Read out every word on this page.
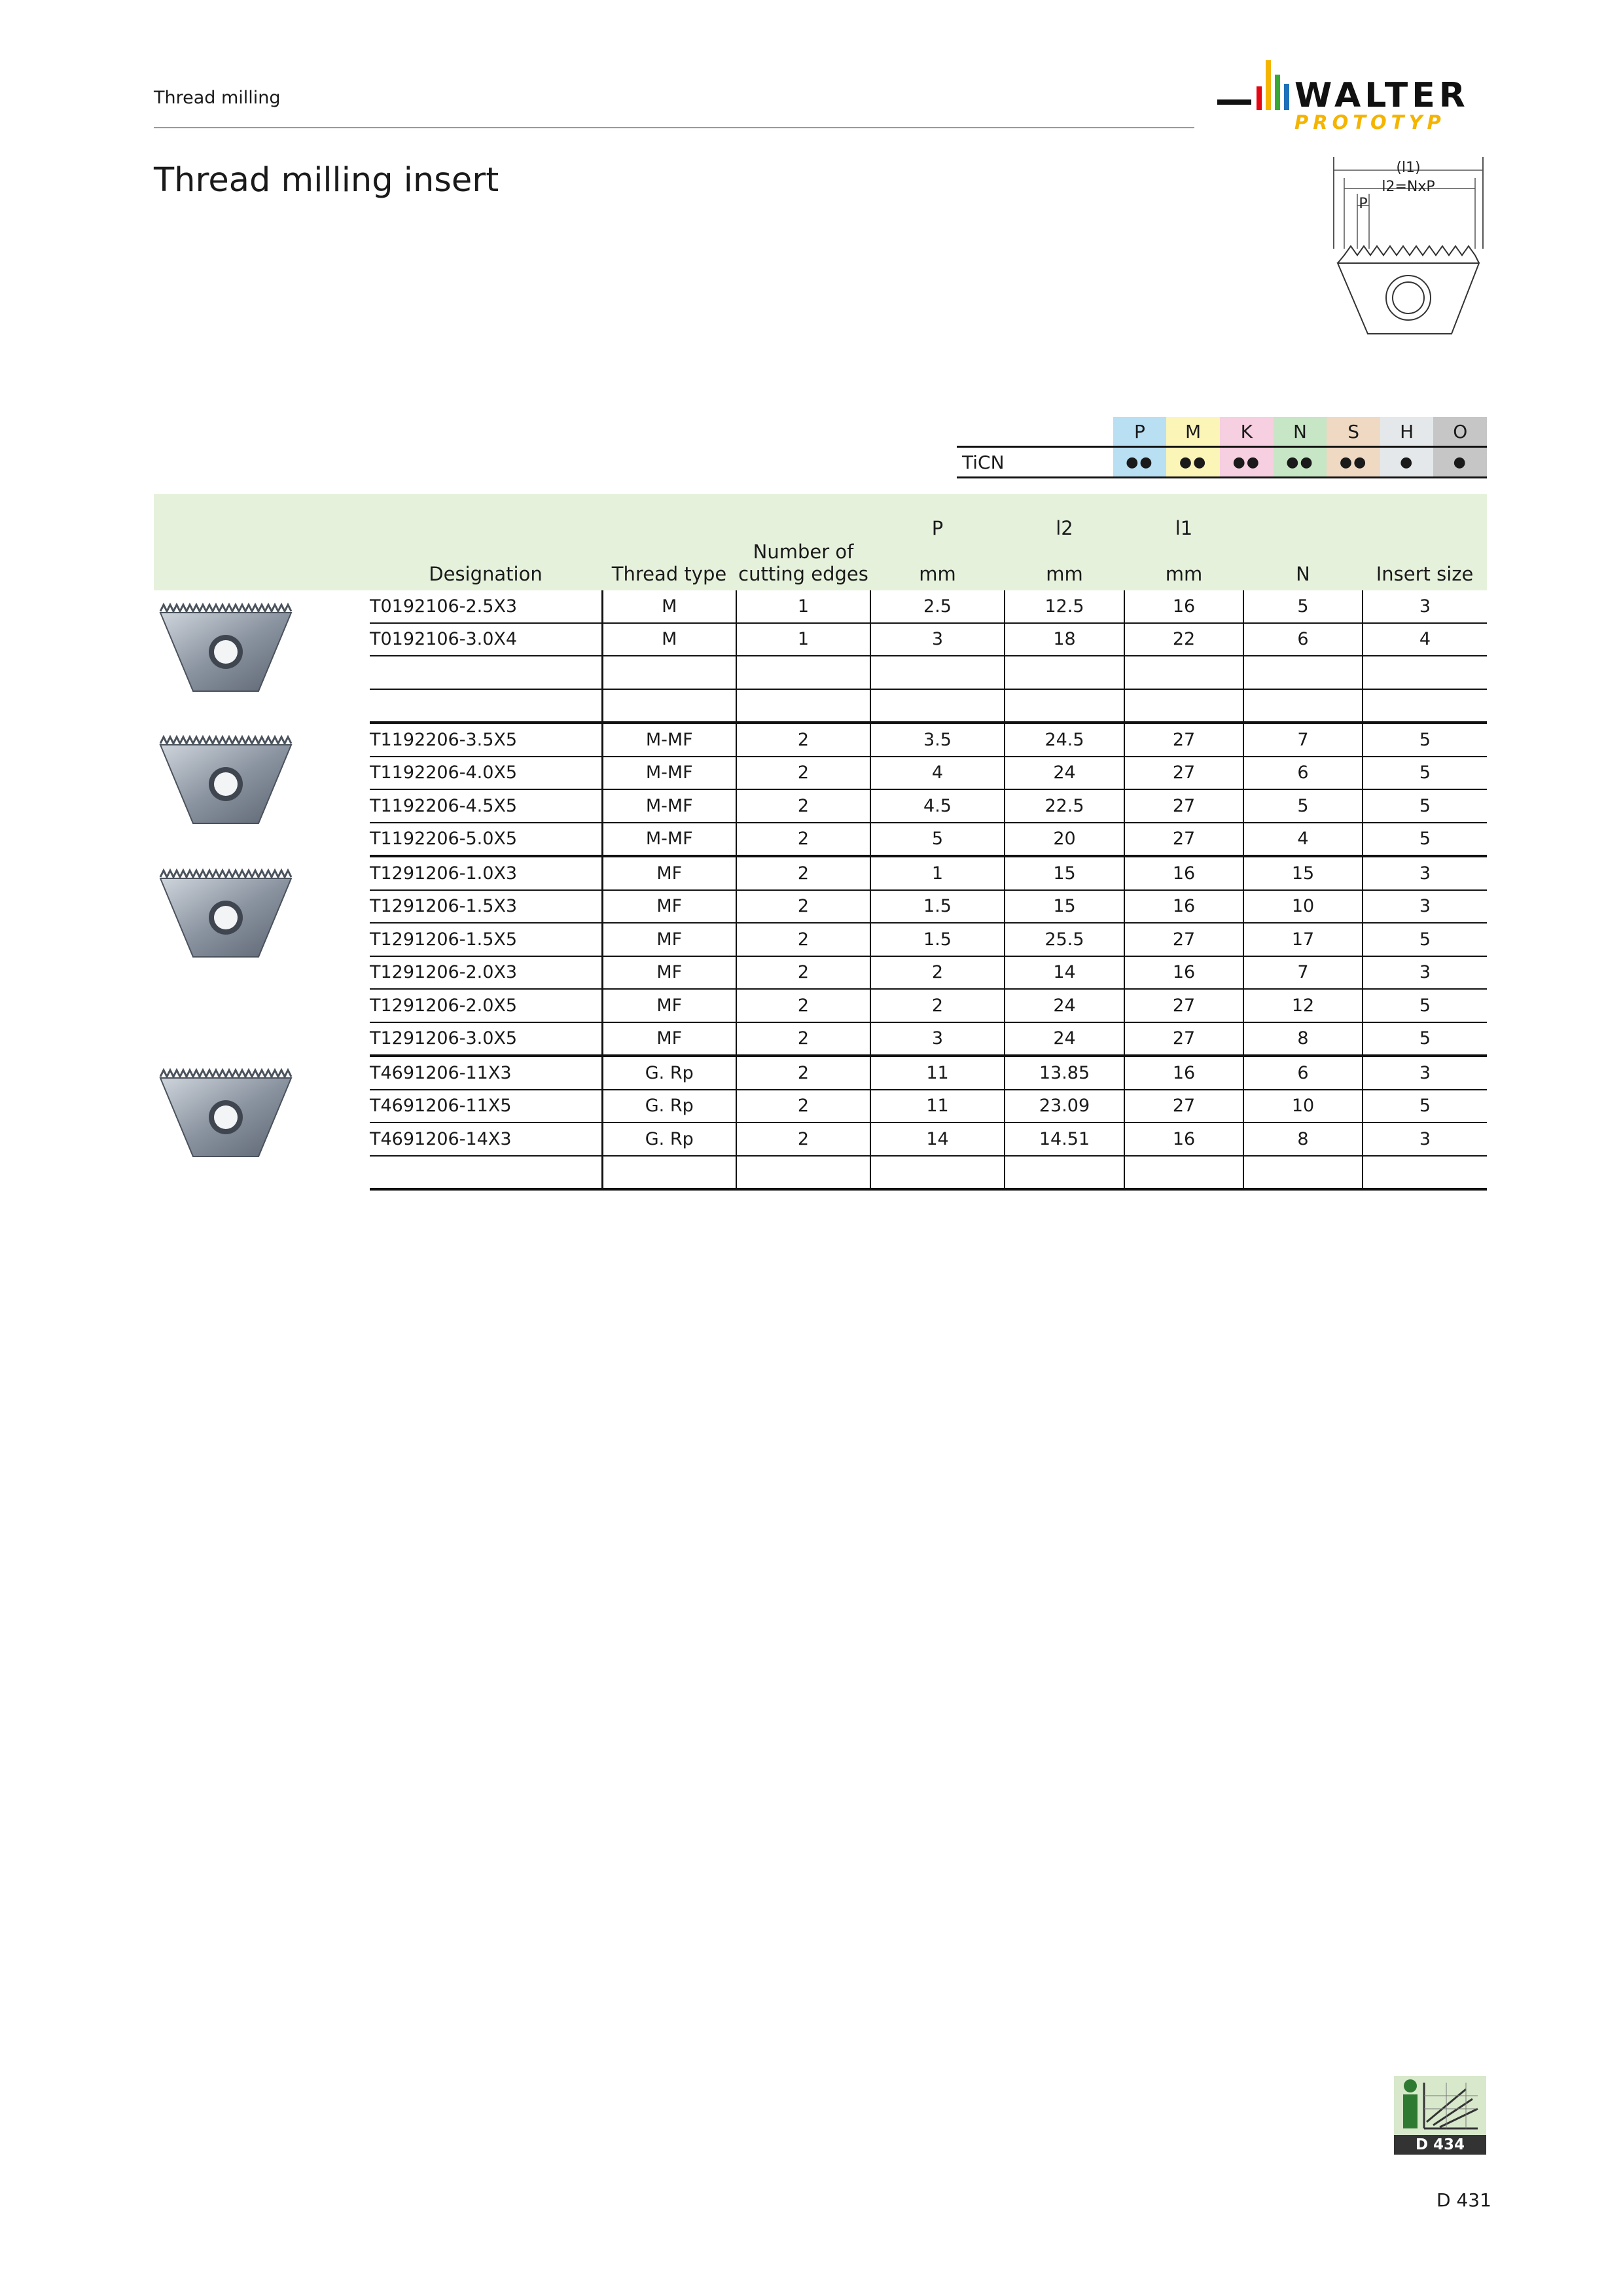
Thread milling
Thread milling insert
WALTER
PROTOTYP
(l1)
l2=NxP
P
	P	M	K	N	S	H	O
TiCN	●●	●●	●●	●●	●●	●	●
				P	l2	l1		
	Designation	Thread type	Number of
cutting edges	mm	mm	mm	N	Insert size

	T0192106-2.5X3	M	1	2.5	12.5	16	5	3
	T0192106-3.0X4	M	1	3	18	22	6	4

	T1192206-3.5X5	M-MF	2	3.5	24.5	27	7	5
	T1192206-4.0X5	M-MF	2	4	24	27	6	5
	T1192206-4.5X5	M-MF	2	4.5	22.5	27	5	5
	T1192206-5.0X5	M-MF	2	5	20	27	4	5

	T1291206-1.0X3	MF	2	1	15	16	15	3
	T1291206-1.5X3	MF	2	1.5	15	16	10	3
	T1291206-1.5X5	MF	2	1.5	25.5	27	17	5
	T1291206-2.0X3	MF	2	2	14	16	7	3
	T1291206-2.0X5	MF	2	2	24	27	12	5
	T1291206-3.0X5	MF	2	3	24	27	8	5

	T4691206-11X3	G. Rp	2	11	13.85	16	6	3
	T4691206-11X5	G. Rp	2	11	23.09	27	10	5
	T4691206-14X3	G. Rp	2	14	14.51	16	8	3

D 434
D 431
